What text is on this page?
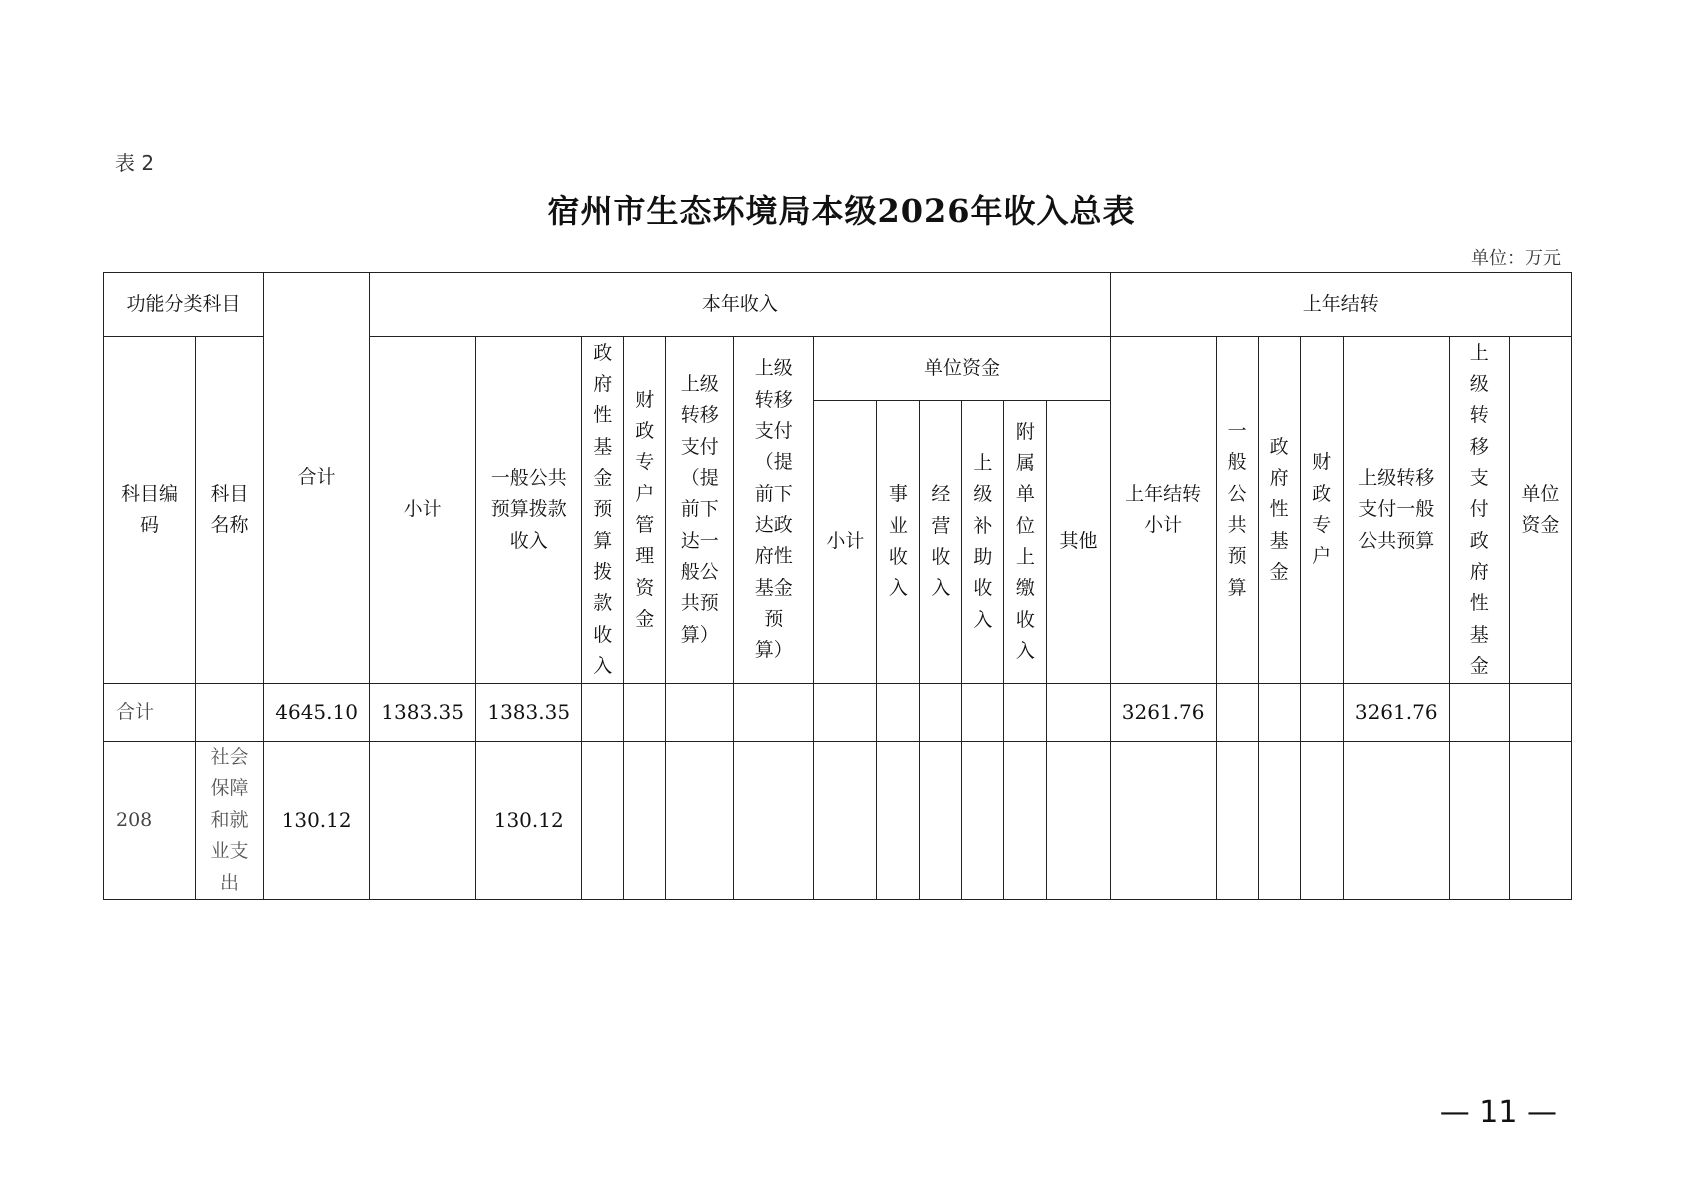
表 2
宿州市生态环境局本级2026年收入总表
单位：万元
功能分类科目		合计	本年收入												上年结转						
科目编码	科目名称		小计	一般公共预算拨款收入	政府性基金预算拨款收入	财政专户管理资金	上级转移支付（提前下达一般公共预算）	上级转移支付（提前下达政府性基金预算）	单位资金						上年结转小计	一般公共预算	政府性基金	财政专户	上级转移支付一般公共预算	上级转移支付政府性基金	单位资金
									小计	事业收入	经营收入	上级补助收入	附属单位上缴收入	其他							
合计		4645.10	1383.35	1383.35											3261.76				3261.76		
208	社会保障和就业支出	130.12		130.12																	
— 11 —
